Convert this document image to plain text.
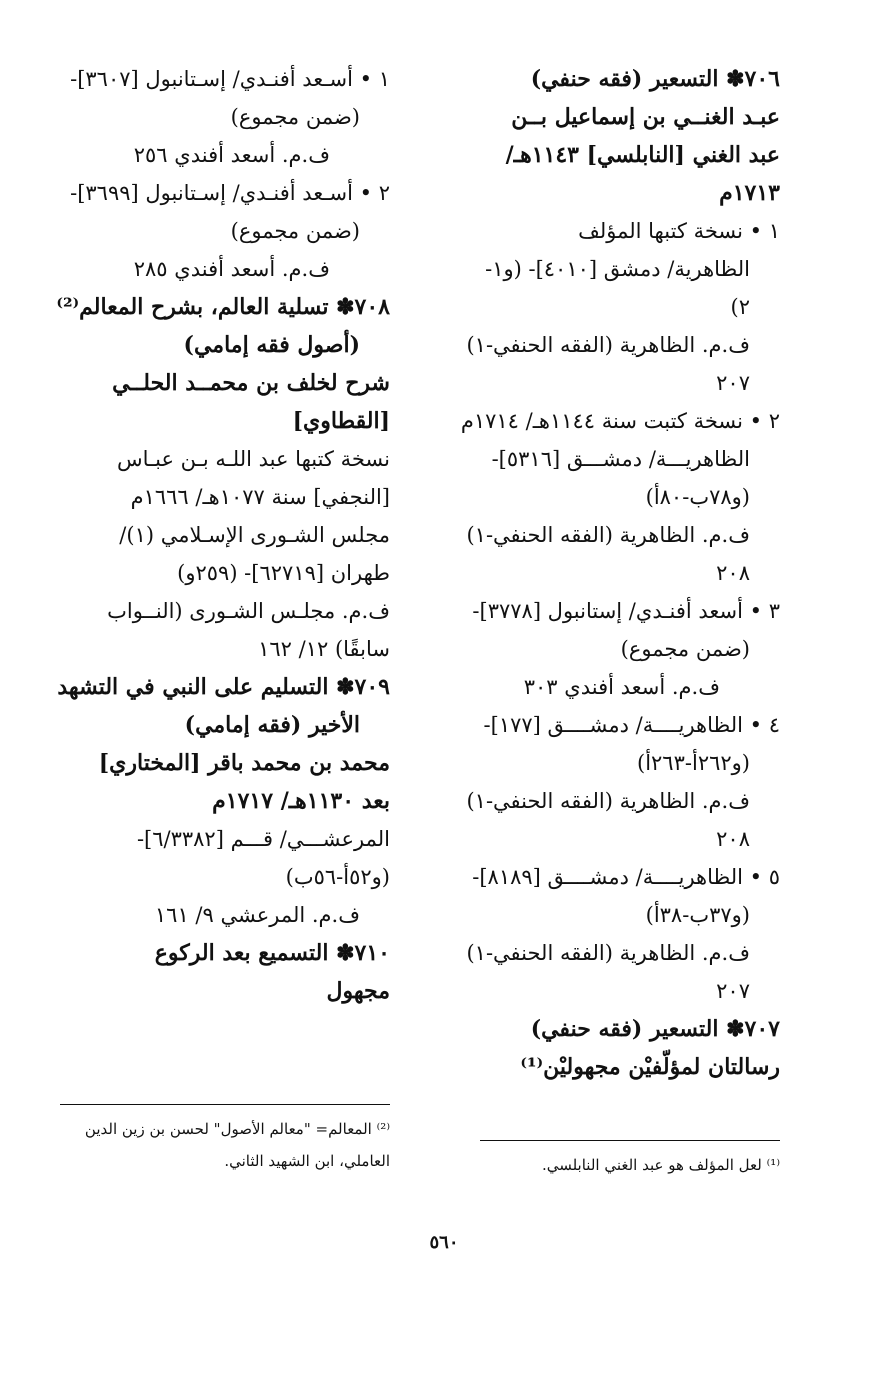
٧٠٦✽ التسعير (فقه حنفي)
عبـد الغنــي بن إسماعيل بــن
عبد الغني [النابلسي] ١١٤٣هـ/
١٧١٣م
١ • نسخة كتبها المؤلف
الظاهرية/ دمشق [٤٠١٠]- (و١-
٢)
ف.م. الظاهرية (الفقه الحنفي-١)
٢٠٧
٢ • نسخة كتبت سنة ١١٤٤هـ/ ١٧١٤م
الظاهريـــة/ دمشـــق [٥٣١٦]-
(و٧٨ب-٨٠أ)
ف.م. الظاهرية (الفقه الحنفي-١)
٢٠٨
٣ • أسعد أفنـدي/ إستانبول [٣٧٧٨]-
(ضمن مجموع)
ف.م. أسعد أفندي ٣٠٣
٤ • الظاهريــــة/ دمشــــق [١٧٧]-
(و٢٦٢أ-٢٦٣أ)
ف.م. الظاهرية (الفقه الحنفي-١)
٢٠٨
٥ • الظاهريــــة/ دمشــــق [٨١٨٩]-
(و٣٧ب-٣٨أ)
ف.م. الظاهرية (الفقه الحنفي-١)
٢٠٧
٧٠٧✽ التسعير (فقه حنفي)
رسالتان لمؤلّفيْن مجهوليْن⁽¹⁾
١ • أسـعد أفنـدي/ إسـتانبول [٣٦٠٧]-
(ضمن مجموع)
ف.م. أسعد أفندي ٢٥٦
٢ • أسـعد أفنـدي/ إسـتانبول [٣٦٩٩]-
(ضمن مجموع)
ف.م. أسعد أفندي ٢٨٥
٧٠٨✽ تسلية العالم، بشرح المعالم⁽²⁾
(أصول فقه إمامي)
شرح لخلف بن محمــد الحلــي
[القطاوي]
نسخة كتبها عبد اللـه بـن عبـاس
[النجفي] سنة ١٠٧٧هـ/ ١٦٦٦م
مجلس الشـورى الإسـلامي (١)/
طهران [٦٢٧١٩]- (٢٥٩و)
ف.م. مجلـس الشـورى (النــواب
سابقًا) ١٢/ ١٦٢
٧٠٩✽ التسليم على النبي في التشهد
الأخير (فقه إمامي)
محمد بن محمد باقر [المختاري]
بعد ١١٣٠هـ/ ١٧١٧م
المرعشـــي/ قـــم [٦/٣٣٨٢]-
(و٥٢أ-٥٦ب)
ف.م. المرعشي ٩/ ١٦١
٧١٠✽ التسميع بعد الركوع
مجهول
⁽¹⁾ لعل المؤلف هو عبد الغني النابلسي.
⁽²⁾ المعالم= "معالم الأصول" لحسن بن زين الدين
العاملي، ابن الشهيد الثاني.
٥٦٠
